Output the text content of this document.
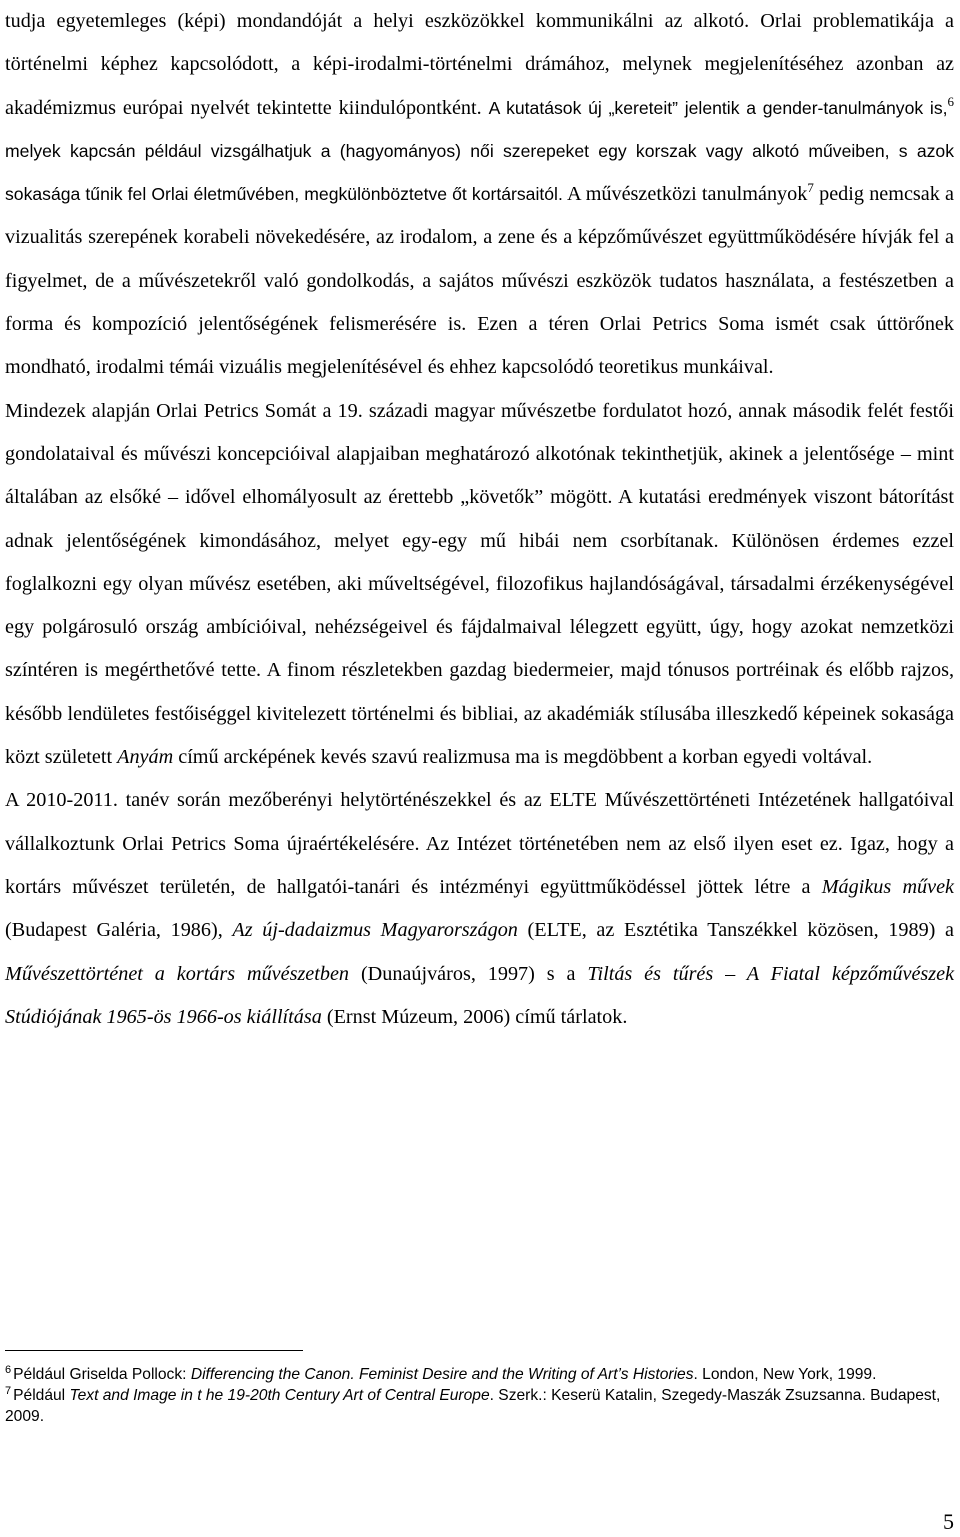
tudja egyetemleges (képi) mondandóját a helyi eszközökkel kommunikálni az alkotó. Orlai problematikája a történelmi képhez kapcsolódott, a képi-irodalmi-történelmi drámához, melynek megjelenítéséhez azonban az akadémizmus európai nyelvét tekintette kiindulópontként. A kutatások új „kereteit” jelentik a gender-tanulmányok is,$^6$ melyek kapcsán például vizsgálhatjuk a (hagyományos) női szerepeket egy korszak vagy alkotó műveiben, s azok sokasága tűnik fel Orlai életművében, megkülönböztetve őt kortársaitól. A művészetközi tanulmányok$^7$ pedig nemcsak a vizualitás szerepének korabeli növekedésére, az irodalom, a zene és a képzőművészet együttműködésére hívják fel a figyelmet, de a művészetekről való gondolkodás, a sajátos művészi eszközök tudatos használata, a festészetben a forma és kompozíció jelentőségének felismerésére is. Ezen a téren Orlai Petrics Soma ismét csak úttörőnek mondható, irodalmi témái vizuális megjelenítésével és ehhez kapcsolódó teoretikus munkáival.

Mindezek alapján Orlai Petrics Somát a 19. századi magyar művészetbe fordulatot hozó, annak második felét festői gondolataival és művészi koncepcióival alapjaiban meghatározó alkotónak tekinthetjük, akinek a jelentősége – mint általában az elsőké – idővel elhomályosult az érettebb „követők” mögött. A kutatási eredmények viszont bátorítást adnak jelentőségének kimondásához, melyet egy-egy mű hibái nem csorbítanak. Különösen érdemes ezzel foglalkozni egy olyan művész esetében, aki műveltségével, filozofikus hajlandóságával, társadalmi érzékenységével egy polgárosuló ország ambícióival, nehézségeivel és fájdalmaival lélegzett együtt, úgy, hogy azokat nemzetközi színtéren is megérthetővé tette. A finom részletekben gazdag biedermeier, majd tónusos portréinak és előbb rajzos, később lendületes festőiséggel kivitelezett történelmi és bibliai, az akadémiák stílusába illeszkedő képeinek sokasága közt született Anyám című arcképének kevés szavú realizmusa ma is megdöbbent a korban egyedi voltával.

A 2010-2011. tanév során mezőberényi helytörténészekkel és az ELTE Művészettörténeti Intézetének hallgatóival vállalkoztunk Orlai Petrics Soma újraértékelésére. Az Intézet történetében nem az első ilyen eset ez. Igaz, hogy a kortárs művészet területén, de hallgatói-tanári és intézményi együttműködéssel jöttek létre a Mágikus művek (Budapest Galéria, 1986), Az új-dadaizmus Magyarországon (ELTE, az Esztétika Tanszékkel közösen, 1989) a Művészettörténet a kortárs művészetben (Dunaújváros, 1997) s a Tiltás és tűrés – A Fiatal képzőművészek Stúdiójának 1965-ös 1966-os kiállítása (Ernst Múzeum, 2006) című tárlatok.

$^6$ Például Griselda Pollock: Differencing the Canon. Feminist Desire and the Writing of Art’s Histories. London, New York, 1999.

$^7$ Például Text and Image in t he 19-20th Century Art of Central Europe. Szerk.: Keserü Katalin, Szegedy-Maszák Zsuzsanna. Budapest, 2009.

5
